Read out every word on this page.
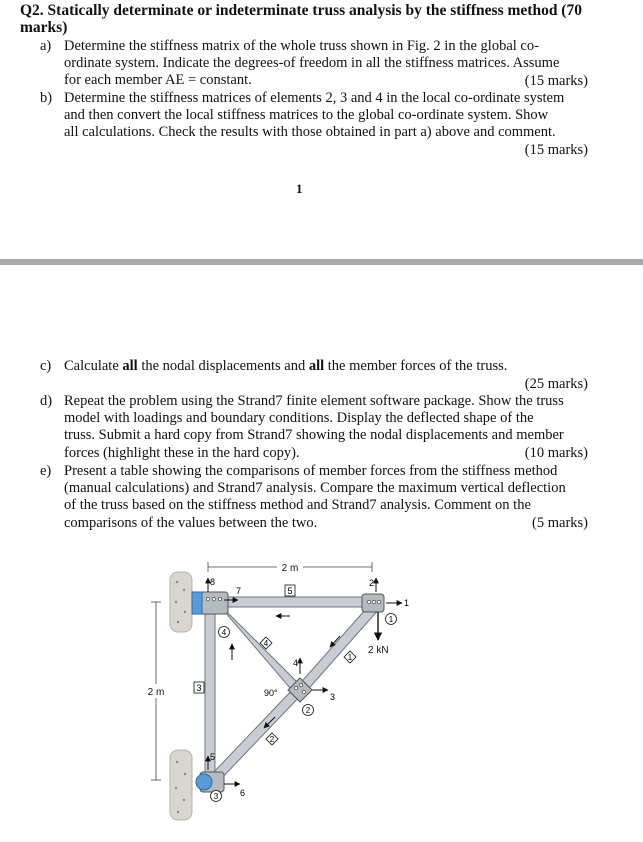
Q2. Statically determinate or indeterminate truss analysis by the stiffness method (70
marks)
a) Determine the stiffness matrix of the whole truss shown in Fig. 2 in the global co-
ordinate system. Indicate the degrees-of freedom in all the stiffness matrices. Assume
for each member AE = constant.	(15 marks)
b) Determine the stiffness matrices of elements 2, 3 and 4 in the local co-ordinate system
and then convert the local stiffness matrices to the global co-ordinate system. Show
all calculations. Check the results with those obtained in part a) above and comment.
(15 marks)
1
c) Calculate all the nodal displacements and all the member forces of the truss.
(25 marks)
d) Repeat the problem using the Strand7 finite element software package. Show the truss
model with loadings and boundary conditions. Display the deflected shape of the
truss. Submit a hard copy from Strand7 showing the nodal displacements and member
forces (highlight these in the hard copy).	(10 marks)
e) Present a table showing the comparisons of member forces from the stiffness method
(manual calculations) and Strand7 analysis. Compare the maximum vertical deflection
of the truss based on the stiffness method and Strand7 analysis. Comment on the
comparisons of the values between the two.	(5 marks)
2 m
2 m
2 kN
5
3
4
1
2
1
2
3
4
1
2
3
4
5
6
7
8
90°
